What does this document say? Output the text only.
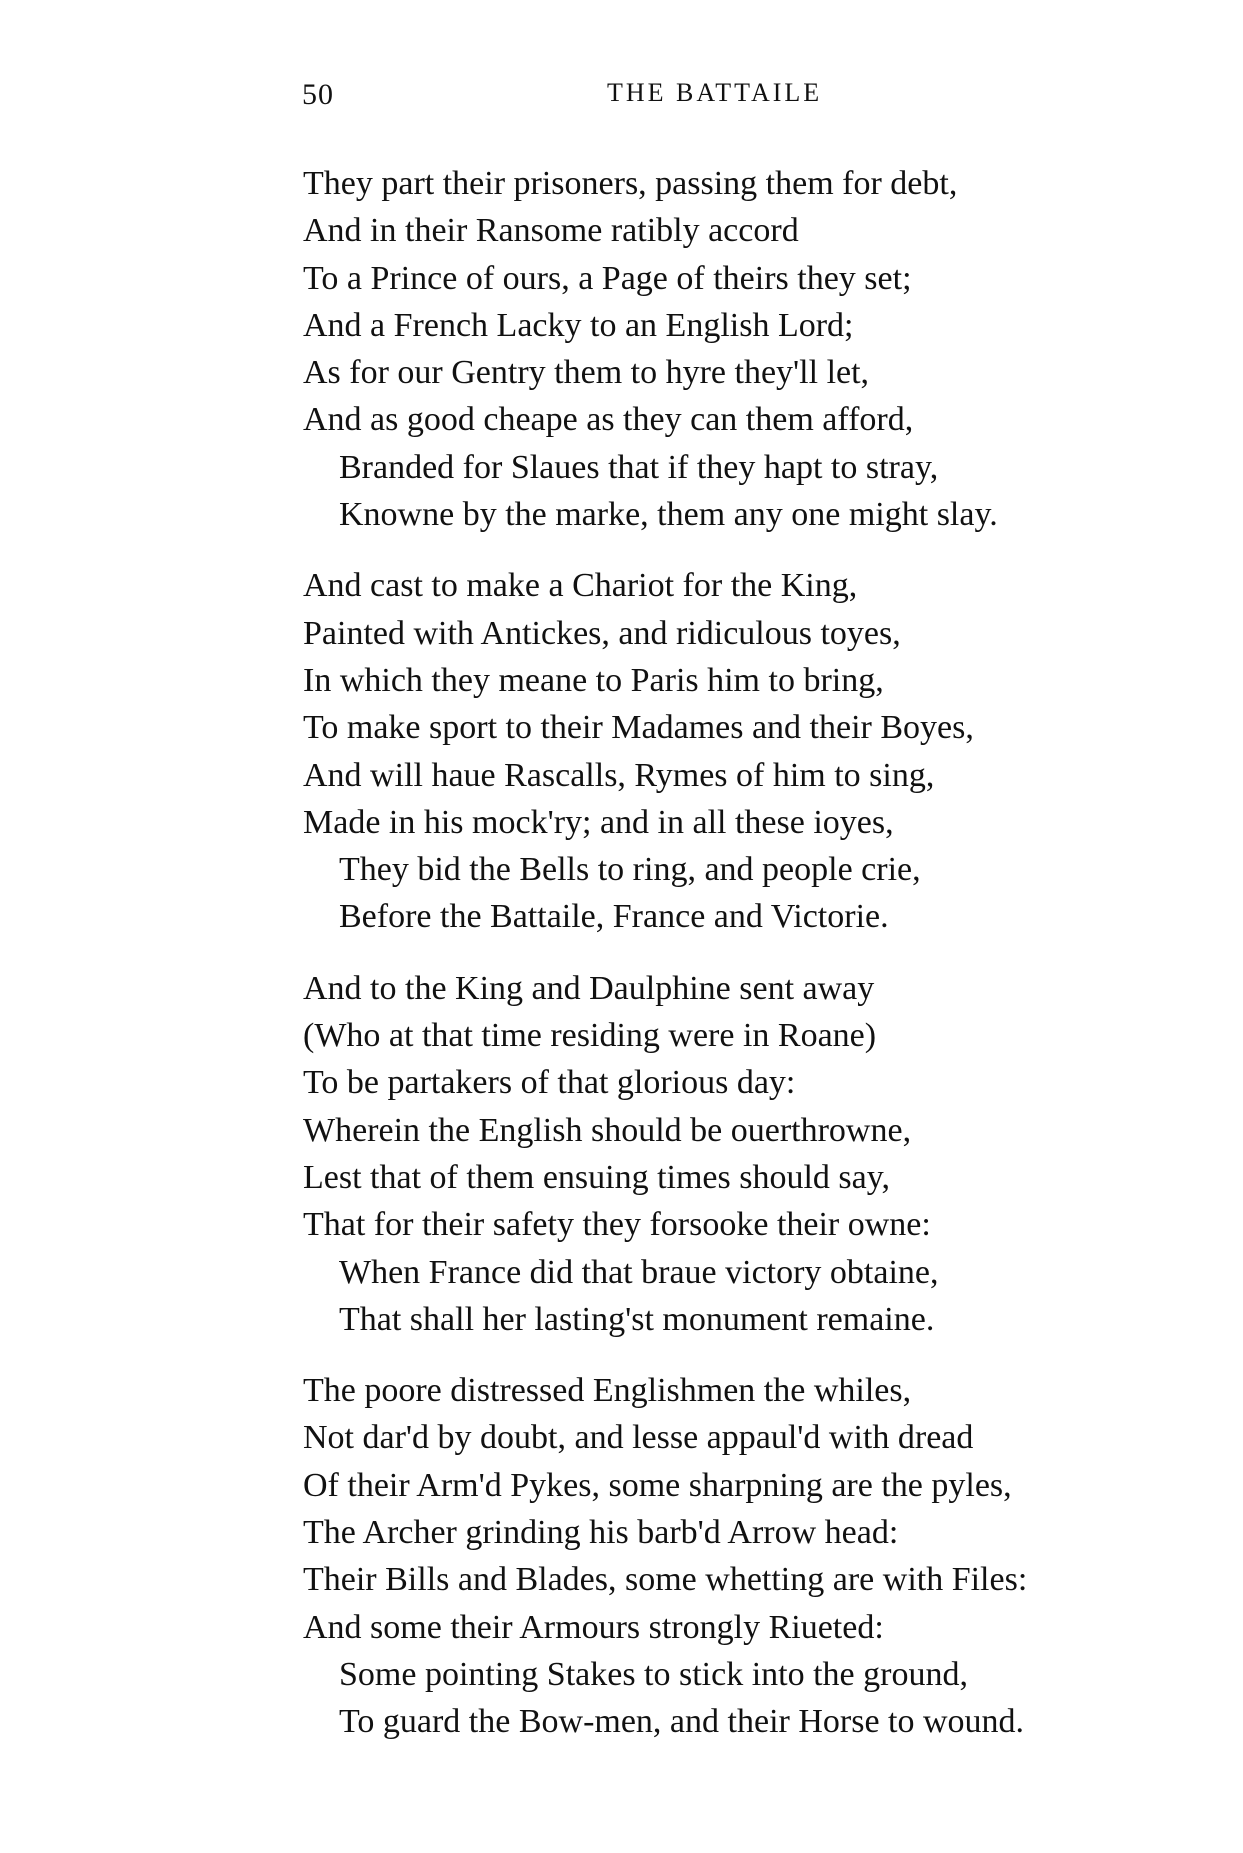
50	THE BATTAILE
They part their prisoners, passing them for debt,
And in their Ransome ratibly accord
To a Prince of ours, a Page of theirs they set;
And a French Lacky to an English Lord;
As for our Gentry them to hyre they'll let,
And as good cheape as they can them afford,
Branded for Slaues that if they hapt to stray,
Knowne by the marke, them any one might slay.
And cast to make a Chariot for the King,
Painted with Antickes, and ridiculous toyes,
In which they meane to Paris him to bring,
To make sport to their Madames and their Boyes,
And will haue Rascalls, Rymes of him to sing,
Made in his mock'ry; and in all these ioyes,
They bid the Bells to ring, and people crie,
Before the Battaile, France and Victorie.
And to the King and Daulphine sent away
(Who at that time residing were in Roane)
To be partakers of that glorious day:
Wherein the English should be ouerthrowne,
Lest that of them ensuing times should say,
That for their safety they forsooke their owne:
When France did that braue victory obtaine,
That shall her lasting'st monument remaine.
The poore distressed Englishmen the whiles,
Not dar'd by doubt, and lesse appaul'd with dread
Of their Arm'd Pykes, some sharpning are the pyles,
The Archer grinding his barb'd Arrow head:
Their Bills and Blades, some whetting are with Files:
And some their Armours strongly Riueted:
Some pointing Stakes to stick into the ground,
To guard the Bow-men, and their Horse to wound.
